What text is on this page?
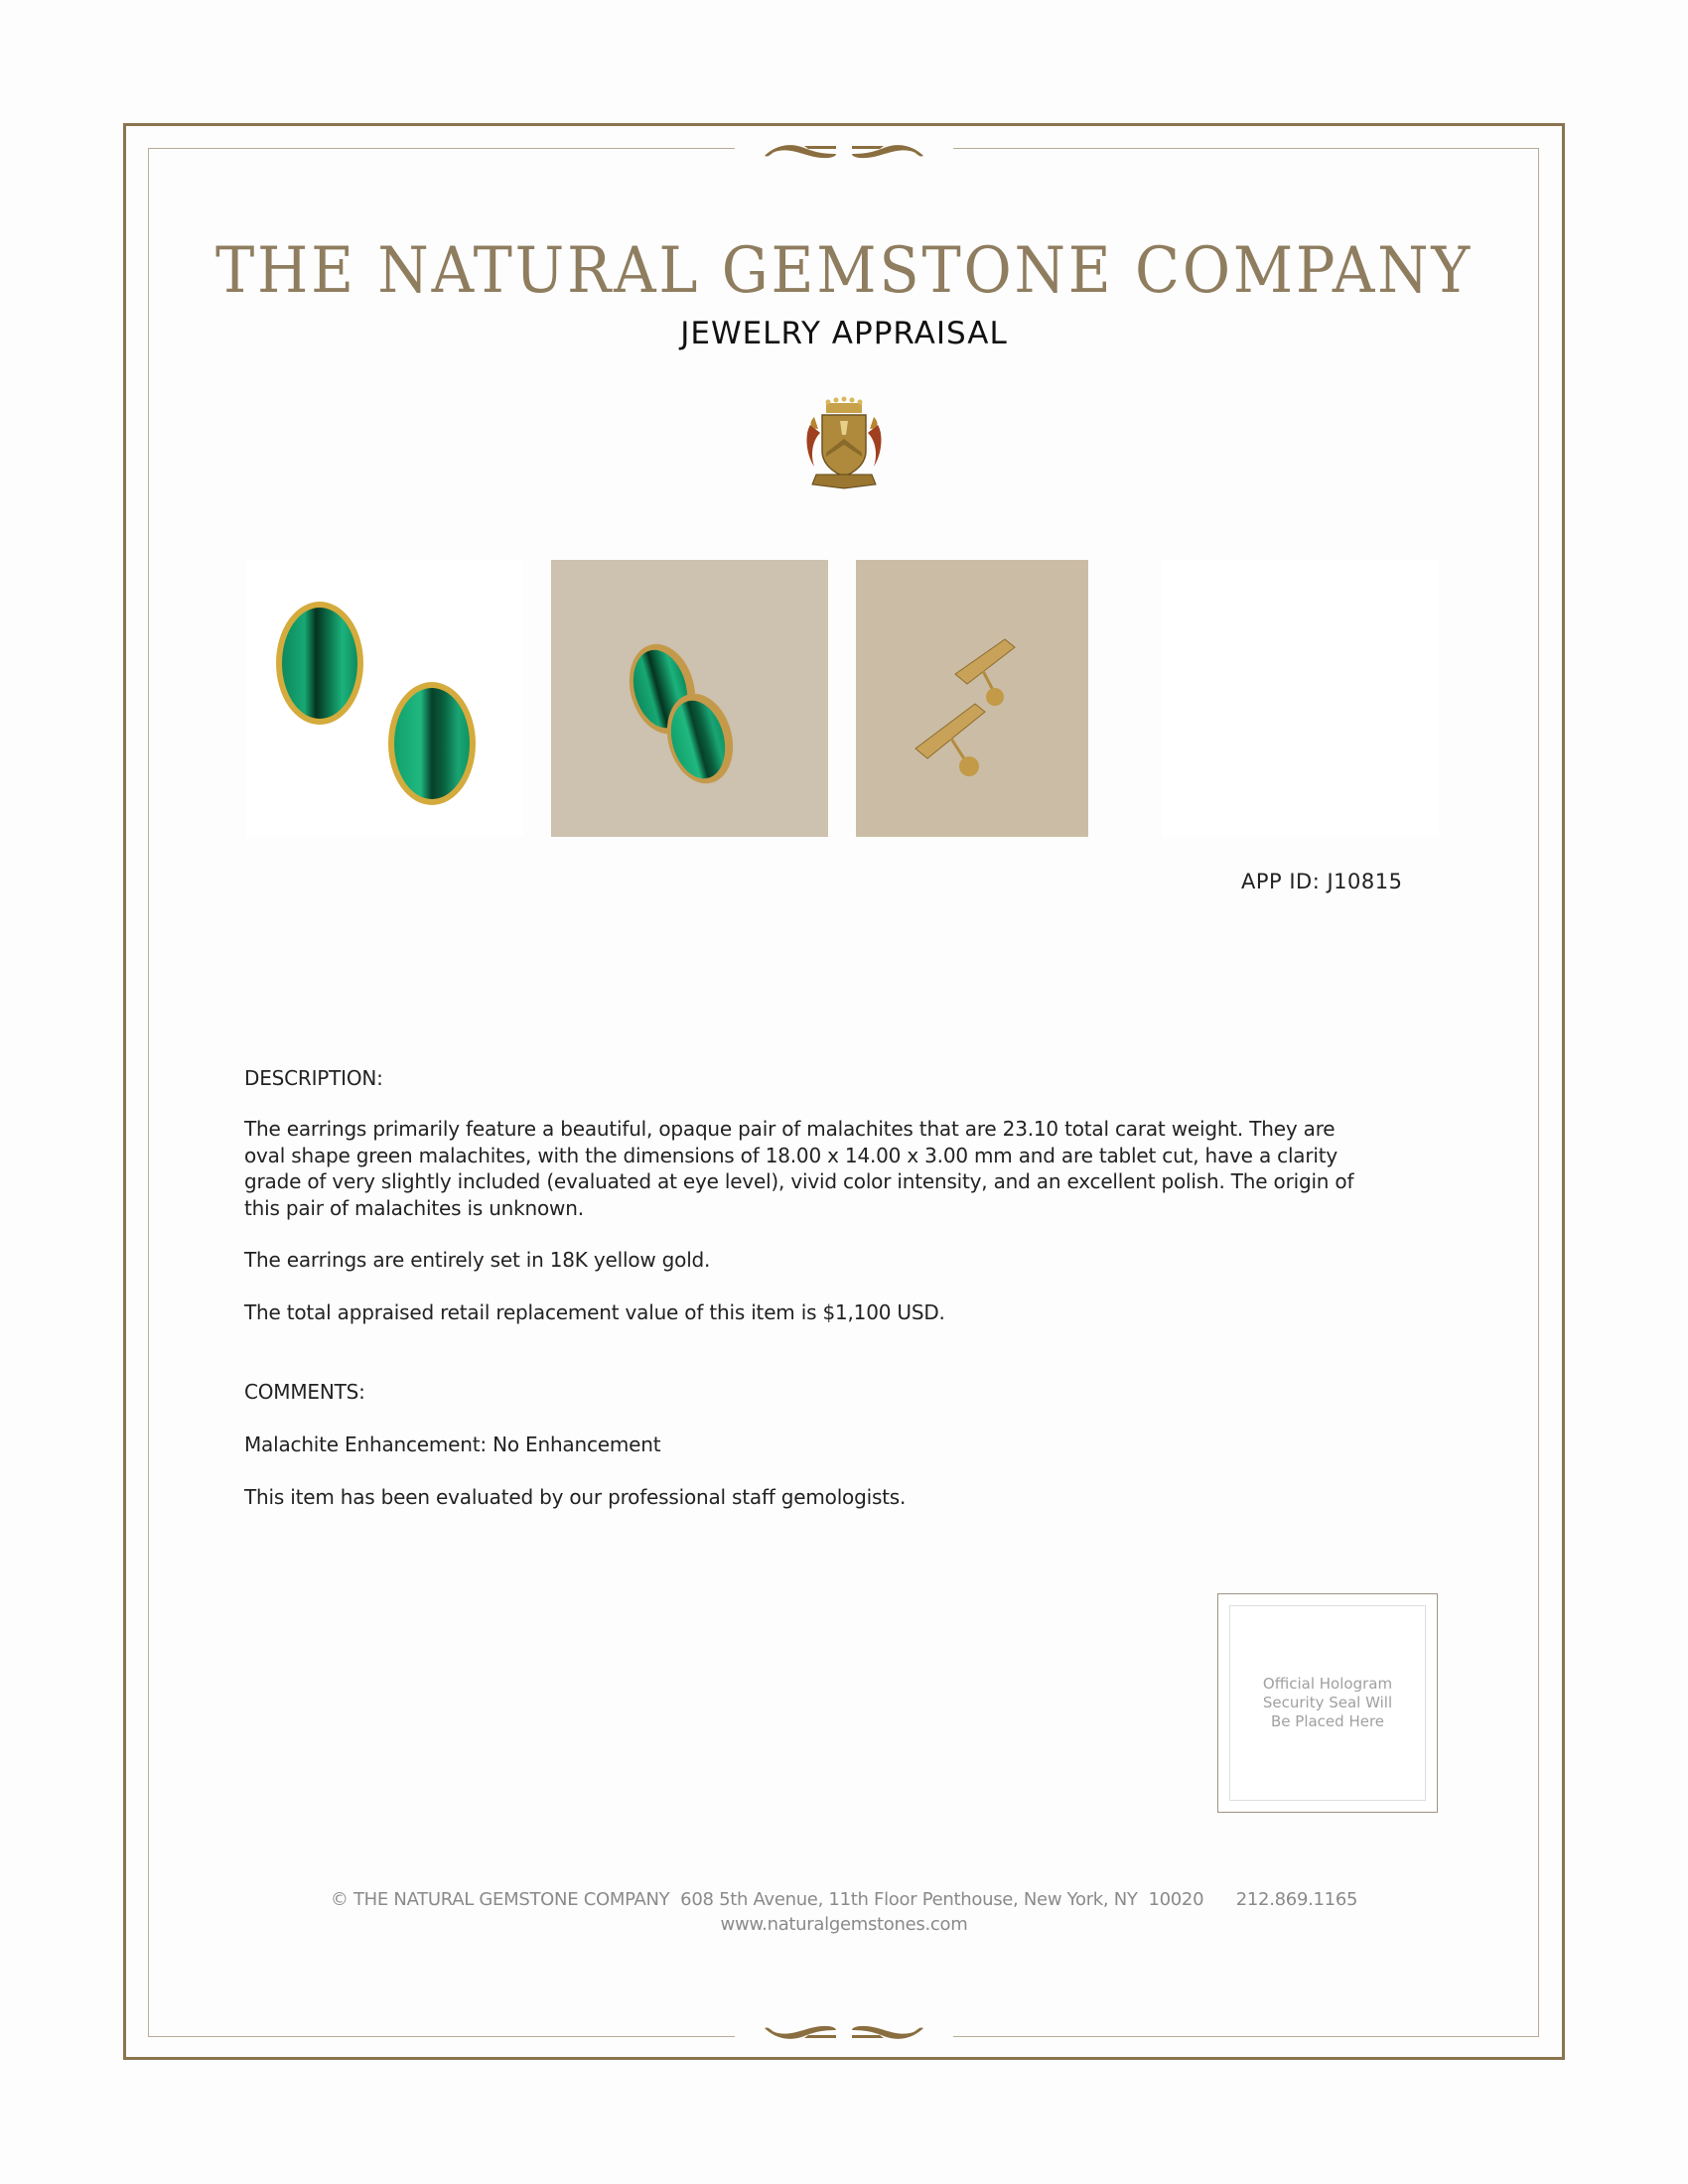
THE NATURAL GEMSTONE COMPANY
JEWELRY APPRAISAL
APP ID: J10815
DESCRIPTION:
The earrings primarily feature a beautiful, opaque pair of malachites that are 23.10 total carat weight. They are
oval shape green malachites, with the dimensions of 18.00 x 14.00 x 3.00 mm and are tablet cut, have a clarity
grade of very slightly included (evaluated at eye level), vivid color intensity, and an excellent polish. The origin of
this pair of malachites is unknown.
The earrings are entirely set in 18K yellow gold.
The total appraised retail replacement value of this item is $1,100 USD.
COMMENTS:
Malachite Enhancement: No Enhancement
This item has been evaluated by our professional staff gemologists.
Official Hologram
Security Seal Will
Be Placed Here
© THE NATURAL GEMSTONE COMPANY  608 5th Avenue, 11th Floor Penthouse, New York, NY  10020      212.869.1165
www.naturalgemstones.com
